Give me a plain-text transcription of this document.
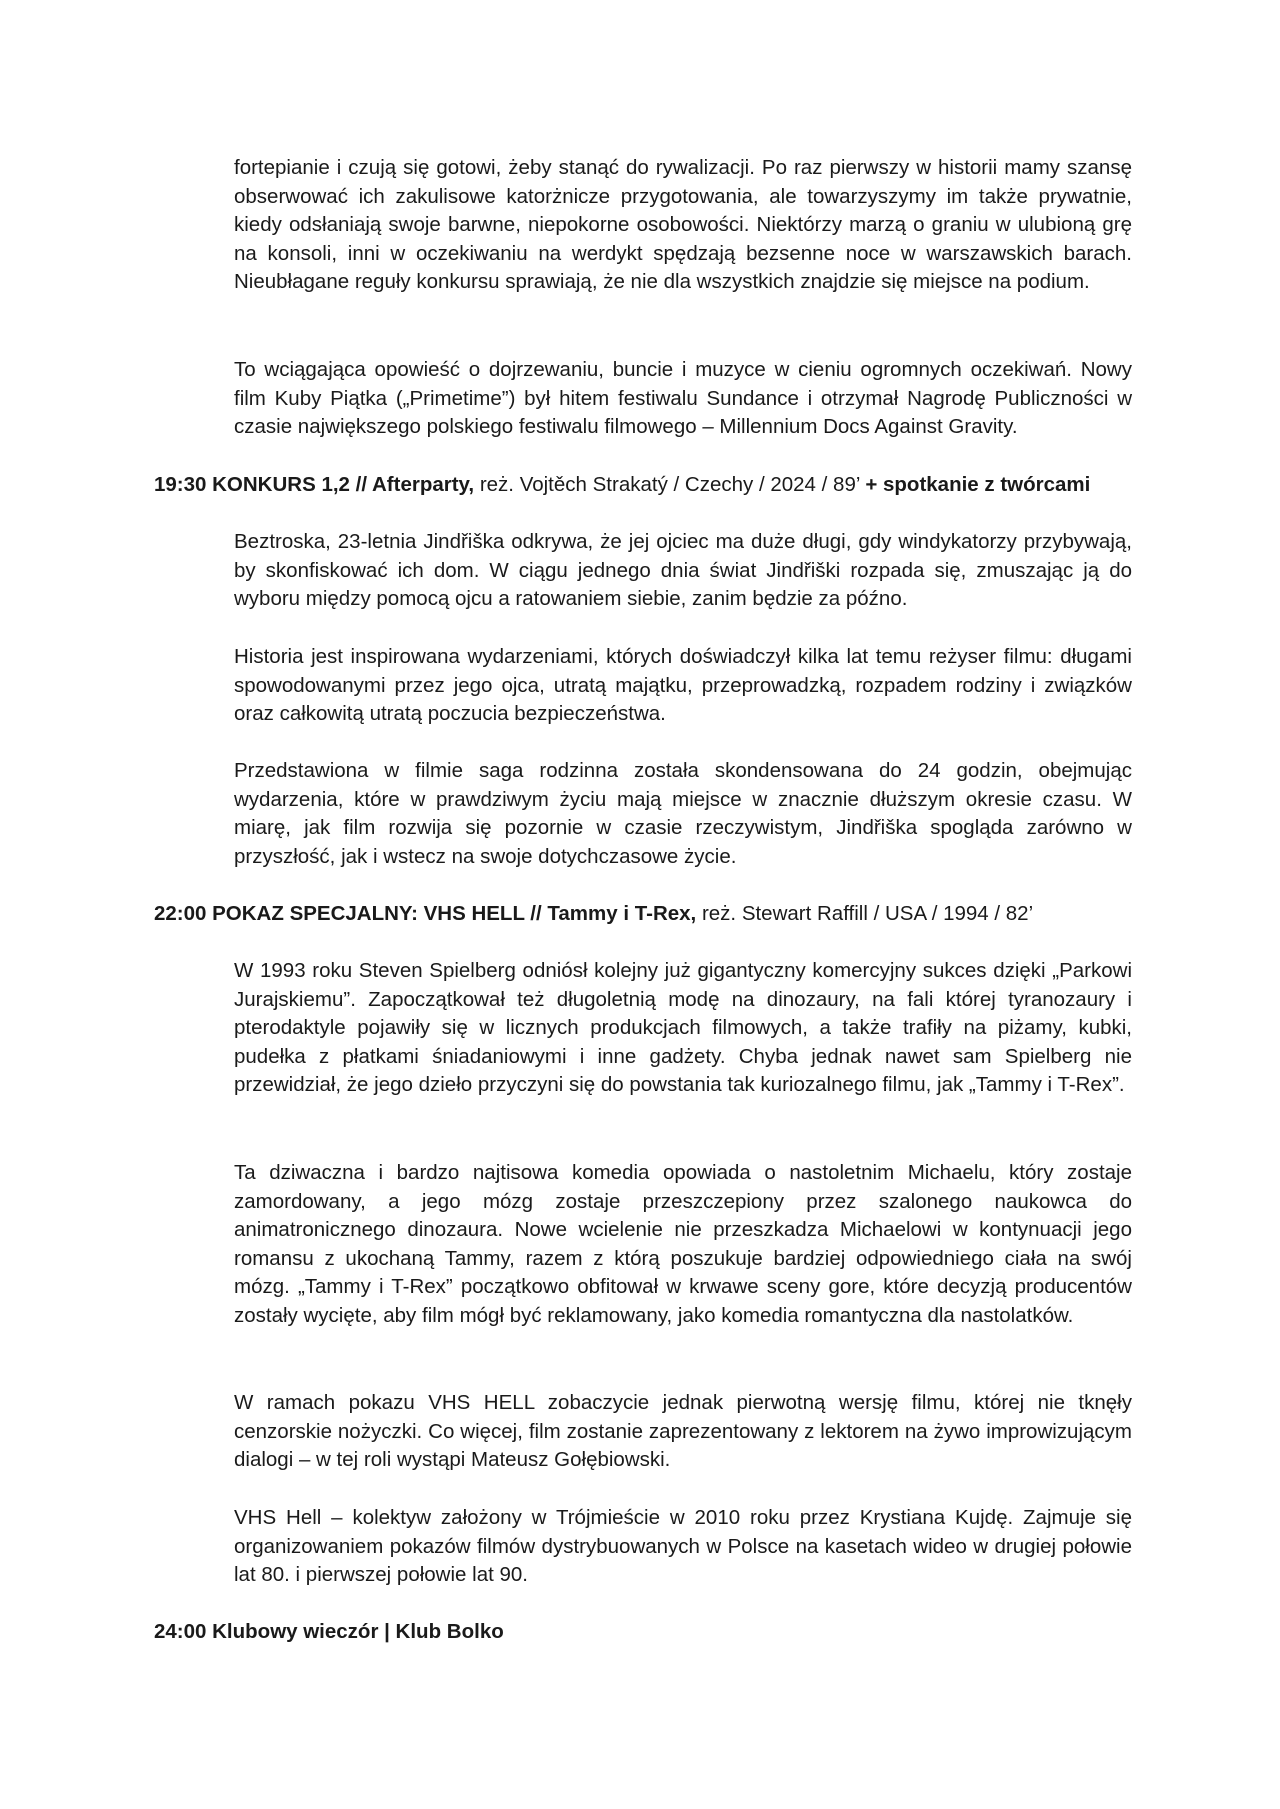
fortepianie i czują się gotowi, żeby stanąć do rywalizacji. Po raz pierwszy w historii mamy szansę obserwować ich zakulisowe katorżnicze przygotowania, ale towarzyszymy im także prywatnie, kiedy odsłaniają swoje barwne, niepokorne osobowości. Niektórzy marzą o graniu w ulubioną grę na konsoli, inni w oczekiwaniu na werdykt spędzają bezsenne noce w warszawskich barach. Nieubłagane reguły konkursu sprawiają, że nie dla wszystkich znajdzie się miejsce na podium.

To wciągająca opowieść o dojrzewaniu, buncie i muzyce w cieniu ogromnych oczekiwań. Nowy film Kuby Piątka („Primetime”) był hitem festiwalu Sundance i otrzymał Nagrodę Publiczności w czasie największego polskiego festiwalu filmowego – Millennium Docs Against Gravity.

19:30 KONKURS 1,2 // Afterparty, reż. Vojtěch Strakatý / Czechy / 2024 / 89’ + spotkanie z twórcami

Beztroska, 23-letnia Jindřiška odkrywa, że jej ojciec ma duże długi, gdy windykatorzy przybywają, by skonfiskować ich dom. W ciągu jednego dnia świat Jindřiški rozpada się, zmuszając ją do wyboru między pomocą ojcu a ratowaniem siebie, zanim będzie za późno.

Historia jest inspirowana wydarzeniami, których doświadczył kilka lat temu reżyser filmu: długami spowodowanymi przez jego ojca, utratą majątku, przeprowadzką, rozpadem rodziny i związków oraz całkowitą utratą poczucia bezpieczeństwa.

Przedstawiona w filmie saga rodzinna została skondensowana do 24 godzin, obejmując wydarzenia, które w prawdziwym życiu mają miejsce w znacznie dłuższym okresie czasu. W miarę, jak film rozwija się pozornie w czasie rzeczywistym, Jindřiška spogląda zarówno w przyszłość, jak i wstecz na swoje dotychczasowe życie.

22:00 POKAZ SPECJALNY: VHS HELL // Tammy i T-Rex, reż. Stewart Raffill / USA / 1994 / 82’

W 1993 roku Steven Spielberg odniósł kolejny już gigantyczny komercyjny sukces dzięki „Parkowi Jurajskiemu”. Zapoczątkował też długoletnią modę na dinozaury, na fali której tyranozaury i pterodaktyle pojawiły się w licznych produkcjach filmowych, a także trafiły na piżamy, kubki, pudełka z płatkami śniadaniowymi i inne gadżety. Chyba jednak nawet sam Spielberg nie przewidział, że jego dzieło przyczyni się do powstania tak kuriozalnego filmu, jak „Tammy i T-Rex”.

Ta dziwaczna i bardzo najtisowa komedia opowiada o nastoletnim Michaelu, który zostaje zamordowany, a jego mózg zostaje przeszczepiony przez szalonego naukowca do animatronicznego dinozaura. Nowe wcielenie nie przeszkadza Michaelowi w kontynuacji jego romansu z ukochaną Tammy, razem z którą poszukuje bardziej odpowiedniego ciała na swój mózg. „Tammy i T-Rex” początkowo obfitował w krwawe sceny gore, które decyzją producentów zostały wycięte, aby film mógł być reklamowany, jako komedia romantyczna dla nastolatków.

W ramach pokazu VHS HELL zobaczycie jednak pierwotną wersję filmu, której nie tknęły cenzorskie nożyczki. Co więcej, film zostanie zaprezentowany z lektorem na żywo improwizującym dialogi – w tej roli wystąpi Mateusz Gołębiowski.

VHS Hell – kolektyw założony w Trójmieście w 2010 roku przez Krystiana Kujdę. Zajmuje się organizowaniem pokazów filmów dystrybuowanych w Polsce na kasetach wideo w drugiej połowie lat 80. i pierwszej połowie lat 90.

24:00 Klubowy wieczór | Klub Bolko
